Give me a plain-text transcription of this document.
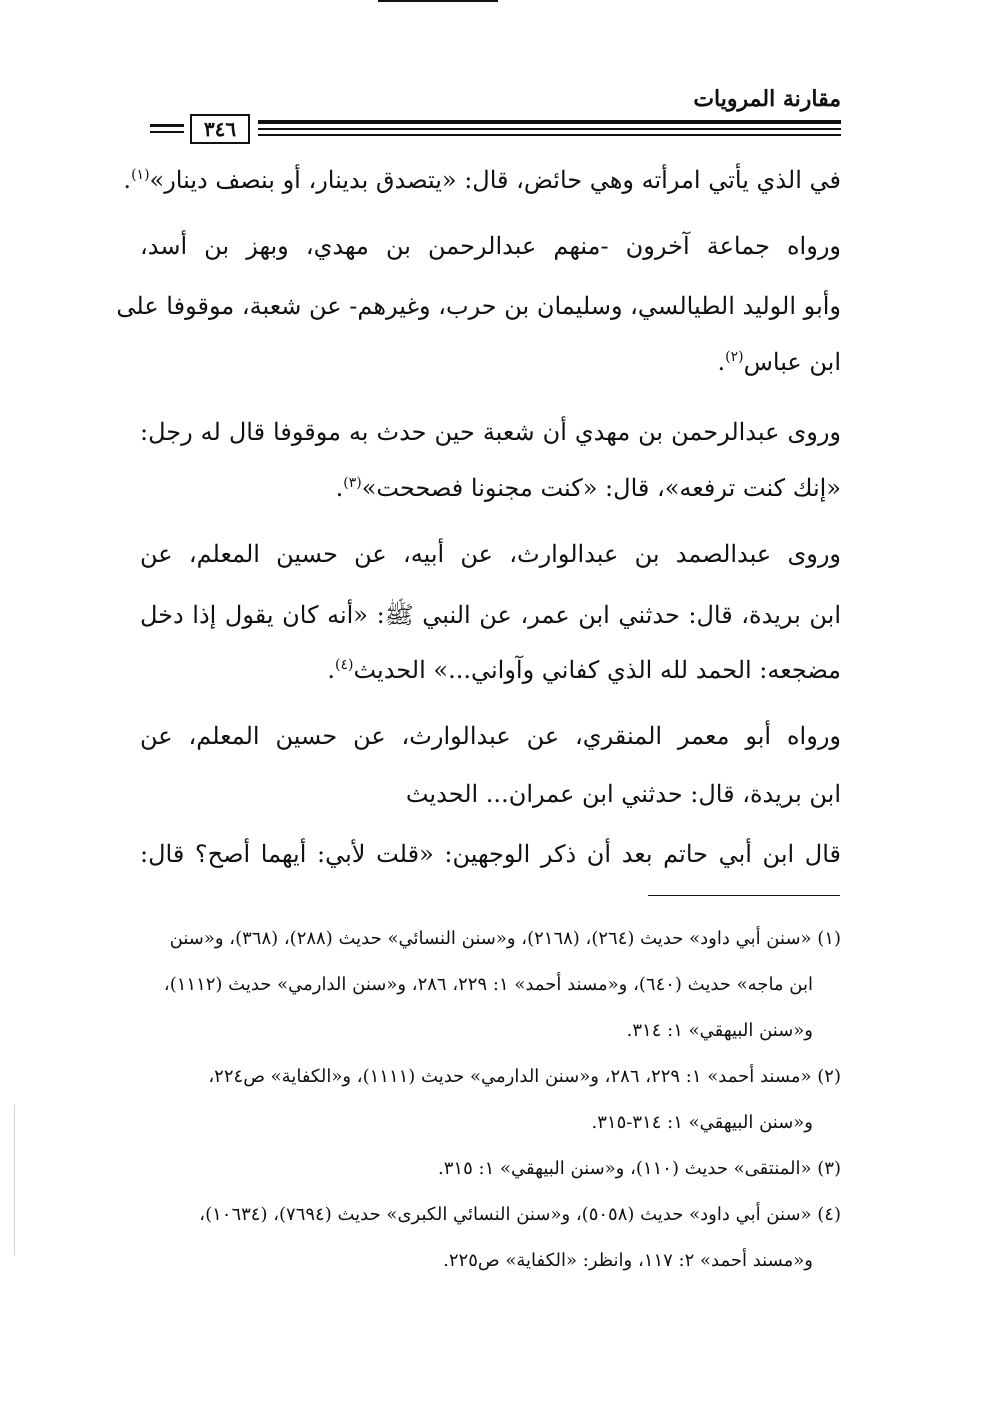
مقارنة المرويات
٣٤٦
في الذي يأتي امرأته وهي حائض، قال: «يتصدق بدينار، أو بنصف دينار»$^{(١)}$.
ورواه جماعة آخرون -منهم عبدالرحمن بن مهدي، وبهز بن أسد،
وأبو الوليد الطيالسي، وسليمان بن حرب، وغيرهم- عن شعبة، موقوفا على
ابن عباس$^{(٢)}$.
وروى عبدالرحمن بن مهدي أن شعبة حين حدث به موقوفا قال له رجل:
«إنك كنت ترفعه»، قال: «كنت مجنونا فصححت»$^{(٣)}$.
وروى عبدالصمد بن عبدالوارث، عن أبيه، عن حسين المعلم، عن
ابن بريدة، قال: حدثني ابن عمر، عن النبي ﷺ: «أنه كان يقول إذا دخل
مضجعه: الحمد لله الذي كفاني وآواني...» الحديث$^{(٤)}$.
ورواه أبو معمر المنقري، عن عبدالوارث، عن حسين المعلم، عن
ابن بريدة، قال: حدثني ابن عمران... الحديث
قال ابن أبي حاتم بعد أن ذكر الوجهين: «قلت لأبي: أيهما أصح؟ قال:
(١) «سنن أبي داود» حديث (٢٦٤)، (٢١٦٨)، و«سنن النسائي» حديث (٢٨٨)، (٣٦٨)، و«سنن
ابن ماجه» حديث (٦٤٠)، و«مسند أحمد» ١: ٢٢٩، ٢٨٦، و«سنن الدارمي» حديث (١١١٢)،
و«سنن البيهقي» ١: ٣١٤.
(٢) «مسند أحمد» ١: ٢٢٩، ٢٨٦، و«سنن الدارمي» حديث (١١١١)، و«الكفاية» ص٢٢٤،
و«سنن البيهقي» ١: ٣١٤-٣١٥.
(٣) «المنتقى» حديث (١١٠)، و«سنن البيهقي» ١: ٣١٥.
(٤) «سنن أبي داود» حديث (٥٠٥٨)، و«سنن النسائي الكبرى» حديث (٧٦٩٤)، (١٠٦٣٤)،
و«مسند أحمد» ٢: ١١٧، وانظر: «الكفاية» ص٢٢٥.
